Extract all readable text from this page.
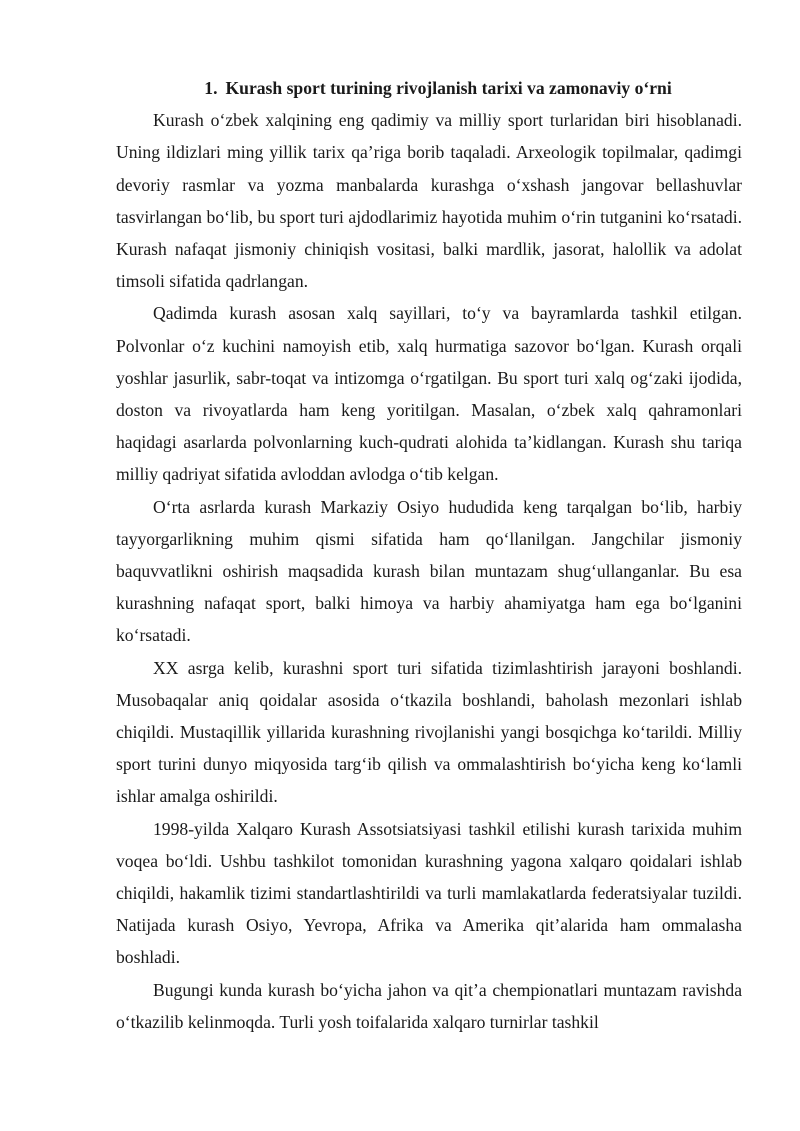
1. Kurash sport turining rivojlanish tarixi va zamonaviy o‘rni

Kurash o‘zbek xalqining eng qadimiy va milliy sport turlaridan biri hisoblanadi. Uning ildizlari ming yillik tarix qa’riga borib taqaladi. Arxeologik topilmalar, qadimgi devoriy rasmlar va yozma manbalarda kurashga o‘xshash jangovar bellashuvlar tasvirlangan bo‘lib, bu sport turi ajdodlarimiz hayotida muhim o‘rin tutganini ko‘rsatadi. Kurash nafaqat jismoniy chiniqish vositasi, balki mardlik, jasorat, halollik va adolat timsoli sifatida qadrlangan.

Qadimda kurash asosan xalq sayillari, to‘y va bayramlarda tashkil etilgan. Polvonlar o‘z kuchini namoyish etib, xalq hurmatiga sazovor bo‘lgan. Kurash orqali yoshlar jasurlik, sabr-toqat va intizomga o‘rgatilgan. Bu sport turi xalq og‘zaki ijodida, doston va rivoyatlarda ham keng yoritilgan. Masalan, o‘zbek xalq qahramonlari haqidagi asarlarda polvonlarning kuch-qudrati alohida ta’kidlangan. Kurash shu tariqa milliy qadriyat sifatida avloddan avlodga o‘tib kelgan.

O‘rta asrlarda kurash Markaziy Osiyo hududida keng tarqalgan bo‘lib, harbiy tayyorgarlikning muhim qismi sifatida ham qo‘llanilgan. Jangchilar jismoniy baquvvatlikni oshirish maqsadida kurash bilan muntazam shug‘ullanganlar. Bu esa kurashning nafaqat sport, balki himoya va harbiy ahamiyatga ham ega bo‘lganini ko‘rsatadi.

XX asrga kelib, kurashni sport turi sifatida tizimlashtirish jarayoni boshlandi. Musobaqalar aniq qoidalar asosida o‘tkazila boshlandi, baholash mezonlari ishlab chiqildi. Mustaqillik yillarida kurashning rivojlanishi yangi bosqichga ko‘tarildi. Milliy sport turini dunyo miqyosida targ‘ib qilish va ommalashtirish bo‘yicha keng ko‘lamli ishlar amalga oshirildi.

1998-yilda Xalqaro Kurash Assotsiatsiyasi tashkil etilishi kurash tarixida muhim voqea bo‘ldi. Ushbu tashkilot tomonidan kurashning yagona xalqaro qoidalari ishlab chiqildi, hakamlik tizimi standartlashtirildi va turli mamlakatlarda federatsiyalar tuzildi. Natijada kurash Osiyo, Yevropa, Afrika va Amerika qit’alarida ham ommalasha boshladi.

Bugungi kunda kurash bo‘yicha jahon va qit’a chempionatlari muntazam ravishda o‘tkazilib kelinmoqda. Turli yosh toifalarida xalqaro turnirlar tashkil
